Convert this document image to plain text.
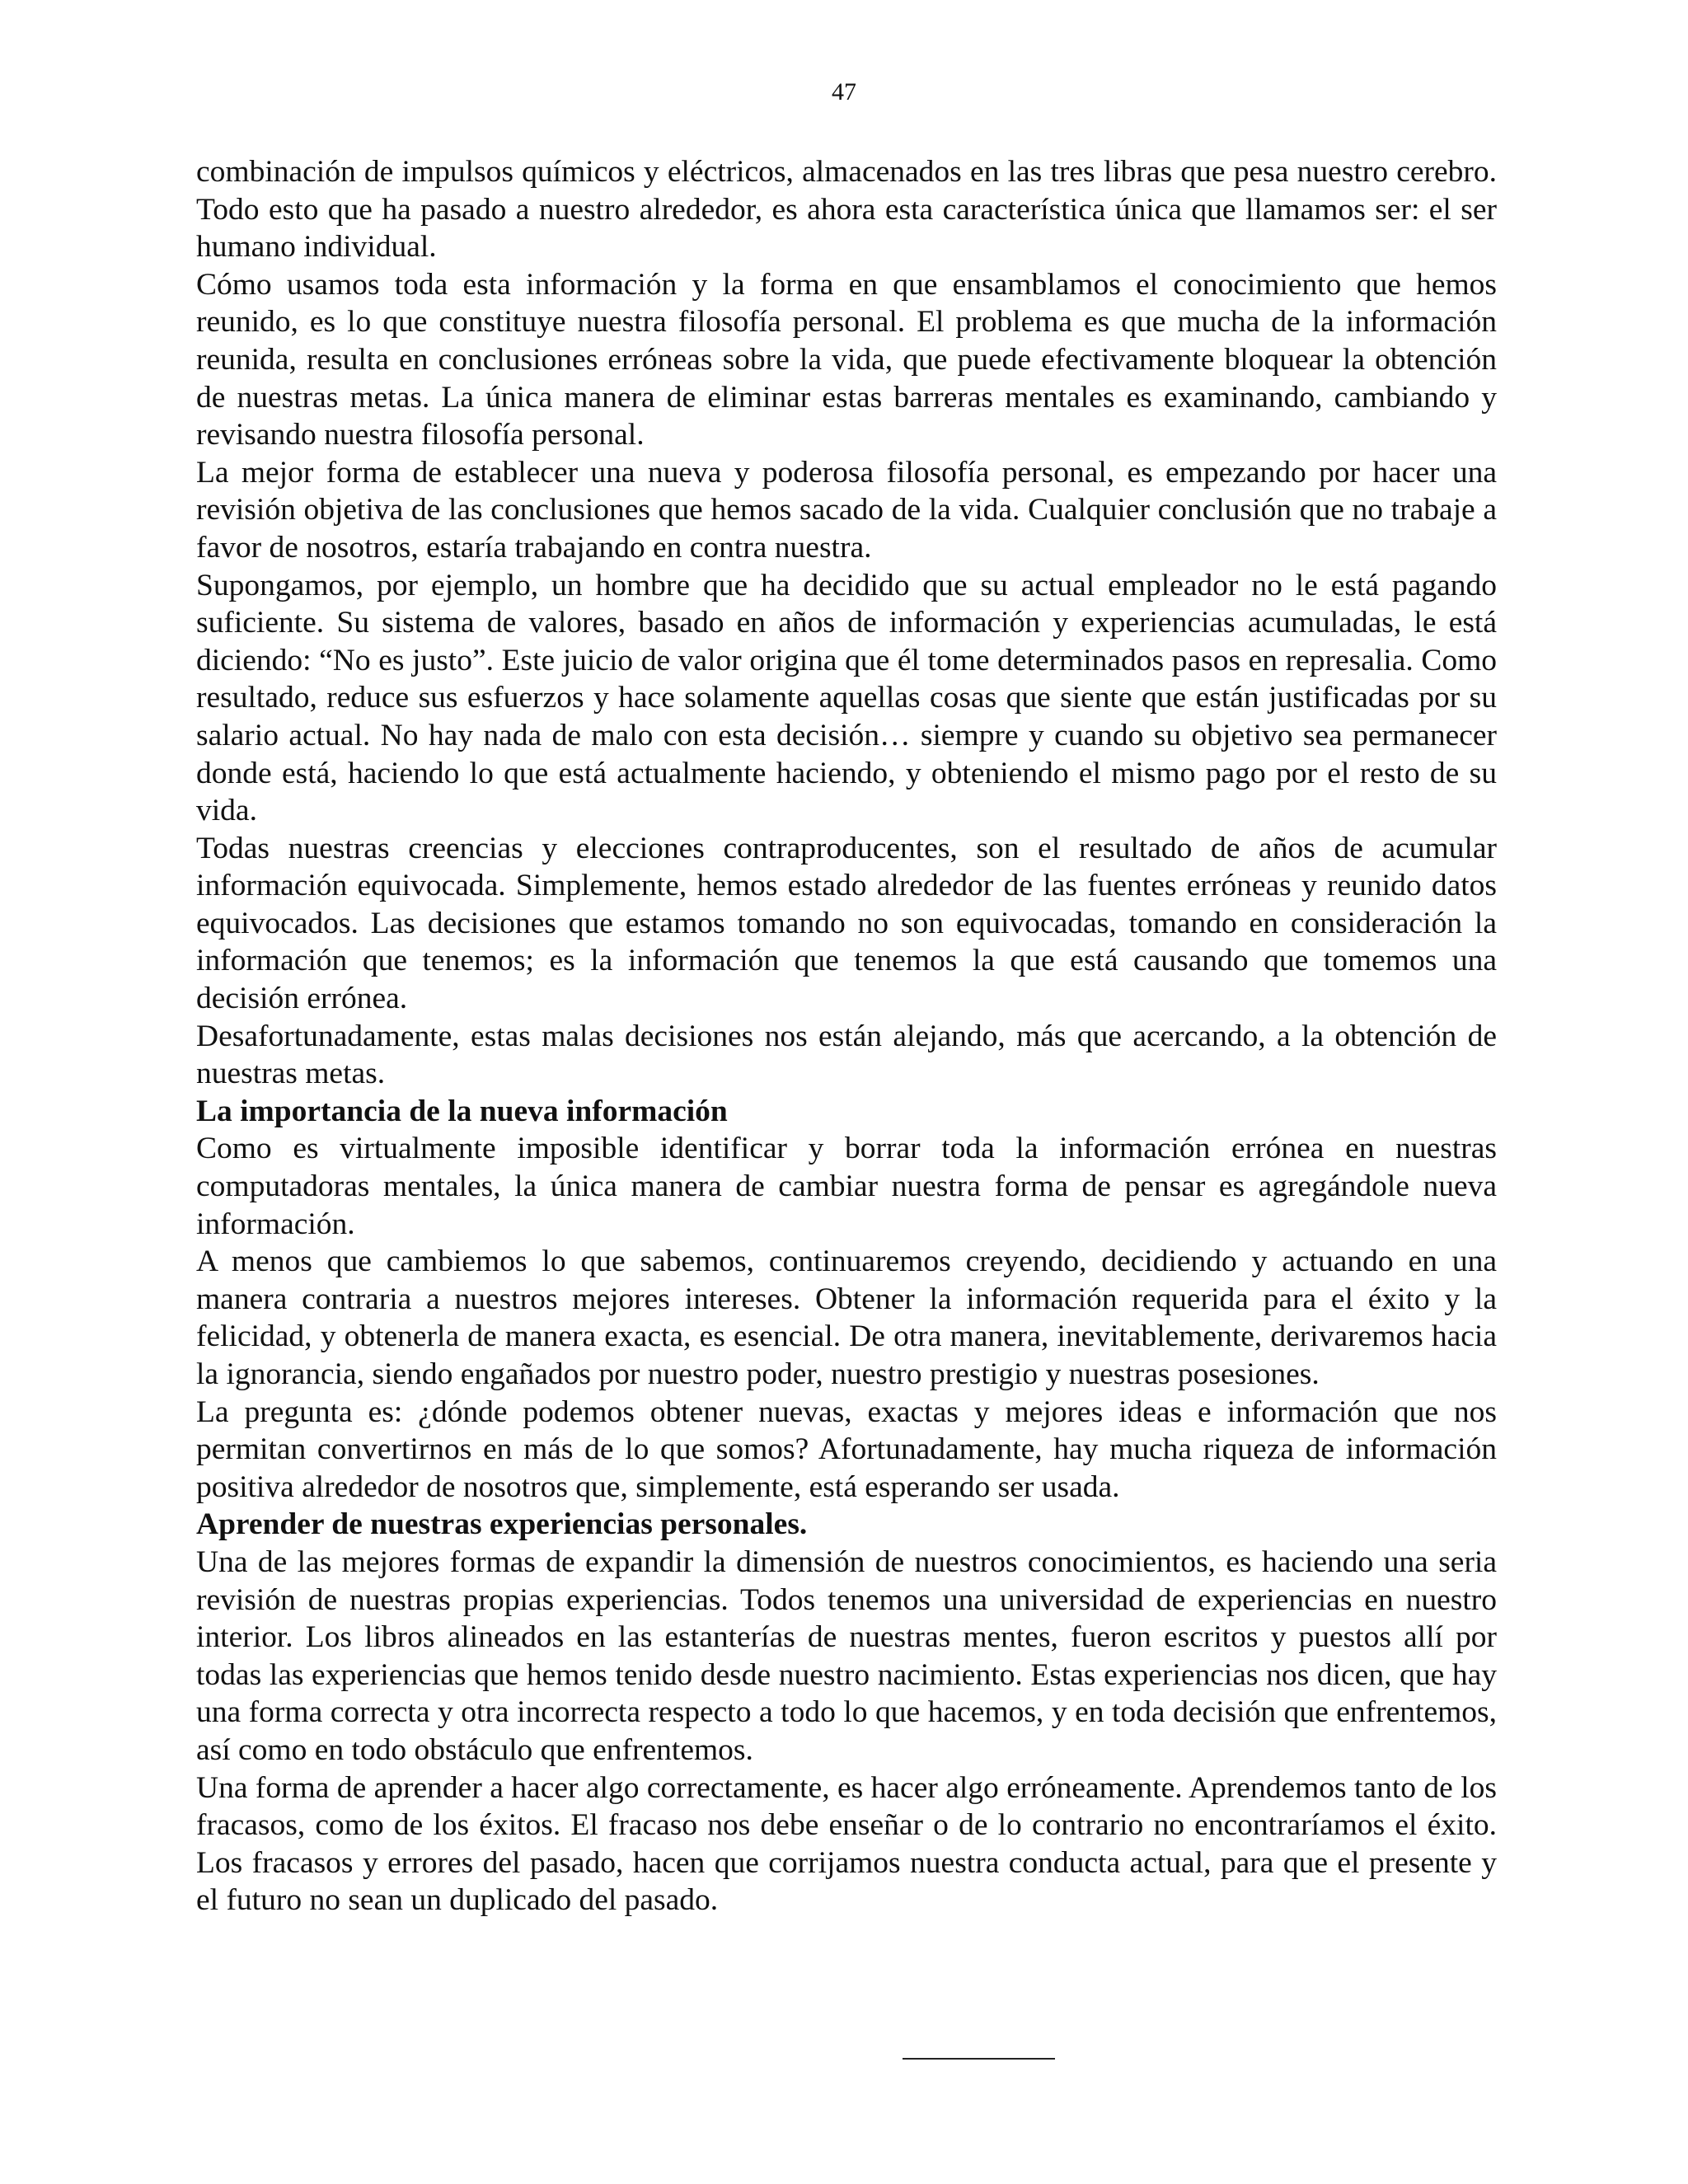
47

combinación de impulsos químicos y eléctricos, almacenados en las tres libras que pesa nuestro cerebro. Todo esto que ha pasado a nuestro alrededor, es ahora esta característica única que llamamos ser: el ser humano individual.

Cómo usamos toda esta información y la forma en que ensamblamos el conocimiento que hemos reunido, es lo que constituye nuestra filosofía personal. El problema es que mucha de la información reunida, resulta en conclusiones erróneas sobre la vida, que puede efectivamente bloquear la obtención de nuestras metas. La única manera de eliminar estas barreras mentales es examinando, cambiando y revisando nuestra filosofía personal.

La mejor forma de establecer una nueva y poderosa filosofía personal, es empezando por hacer una revisión objetiva de las conclusiones que hemos sacado de la vida. Cualquier conclusión que no trabaje a favor de nosotros, estaría trabajando en contra nuestra.

Supongamos, por ejemplo, un hombre que ha decidido que su actual empleador no le está pagando suficiente. Su sistema de valores, basado en años de información y experiencias acumuladas, le está diciendo: “No es justo”. Este juicio de valor origina que él tome determinados pasos en represalia. Como resultado, reduce sus esfuerzos y hace solamente aquellas cosas que siente que están justificadas por su salario actual. No hay nada de malo con esta decisión… siempre y cuando su objetivo sea permanecer donde está, haciendo lo que está actualmente haciendo, y obteniendo el mismo pago por el resto de su vida.

Todas nuestras creencias y elecciones contraproducentes, son el resultado de años de acumular información equivocada. Simplemente, hemos estado alrededor de las fuentes erróneas y reunido datos equivocados. Las decisiones que estamos tomando no son equivocadas, tomando en consideración la información que tenemos; es la información que tenemos la que está causando que tomemos una decisión errónea.

Desafortunadamente, estas malas decisiones nos están alejando, más que acercando, a la obtención de nuestras metas.

La importancia de la nueva información

Como es virtualmente imposible identificar y borrar toda la información errónea en nuestras computadoras mentales, la única manera de cambiar nuestra forma de pensar es agregándole nueva información.

A menos que cambiemos lo que sabemos, continuaremos creyendo, decidiendo y actuando en una manera contraria a nuestros mejores intereses. Obtener la información requerida para el éxito y la felicidad, y obtenerla de manera exacta, es esencial. De otra manera, inevitablemente, derivaremos hacia la ignorancia, siendo engañados por nuestro poder, nuestro prestigio y nuestras posesiones.

La pregunta es: ¿dónde podemos obtener nuevas, exactas y mejores ideas e información que nos permitan convertirnos en más de lo que somos? Afortunadamente, hay mucha riqueza de información positiva alrededor de nosotros que, simplemente, está esperando ser usada.

Aprender de nuestras experiencias personales.

Una de las mejores formas de expandir la dimensión de nuestros conocimientos, es haciendo una seria revisión de nuestras propias experiencias. Todos tenemos una universidad de experiencias en nuestro interior. Los libros alineados en las estanterías de nuestras mentes, fueron escritos y puestos allí por todas las experiencias que hemos tenido desde nuestro nacimiento. Estas experiencias nos dicen, que hay una forma correcta y otra incorrecta respecto a todo lo que hacemos, y en toda decisión que enfrentemos, así como en todo obstáculo que enfrentemos.

Una forma de aprender a hacer algo correctamente, es hacer algo erróneamente. Aprendemos tanto de los fracasos, como de los éxitos. El fracaso nos debe enseñar o de lo contrario no encontraríamos el éxito. Los fracasos y errores del pasado, hacen que corrijamos nuestra conducta actual, para que el presente y el futuro no sean un duplicado del pasado.
